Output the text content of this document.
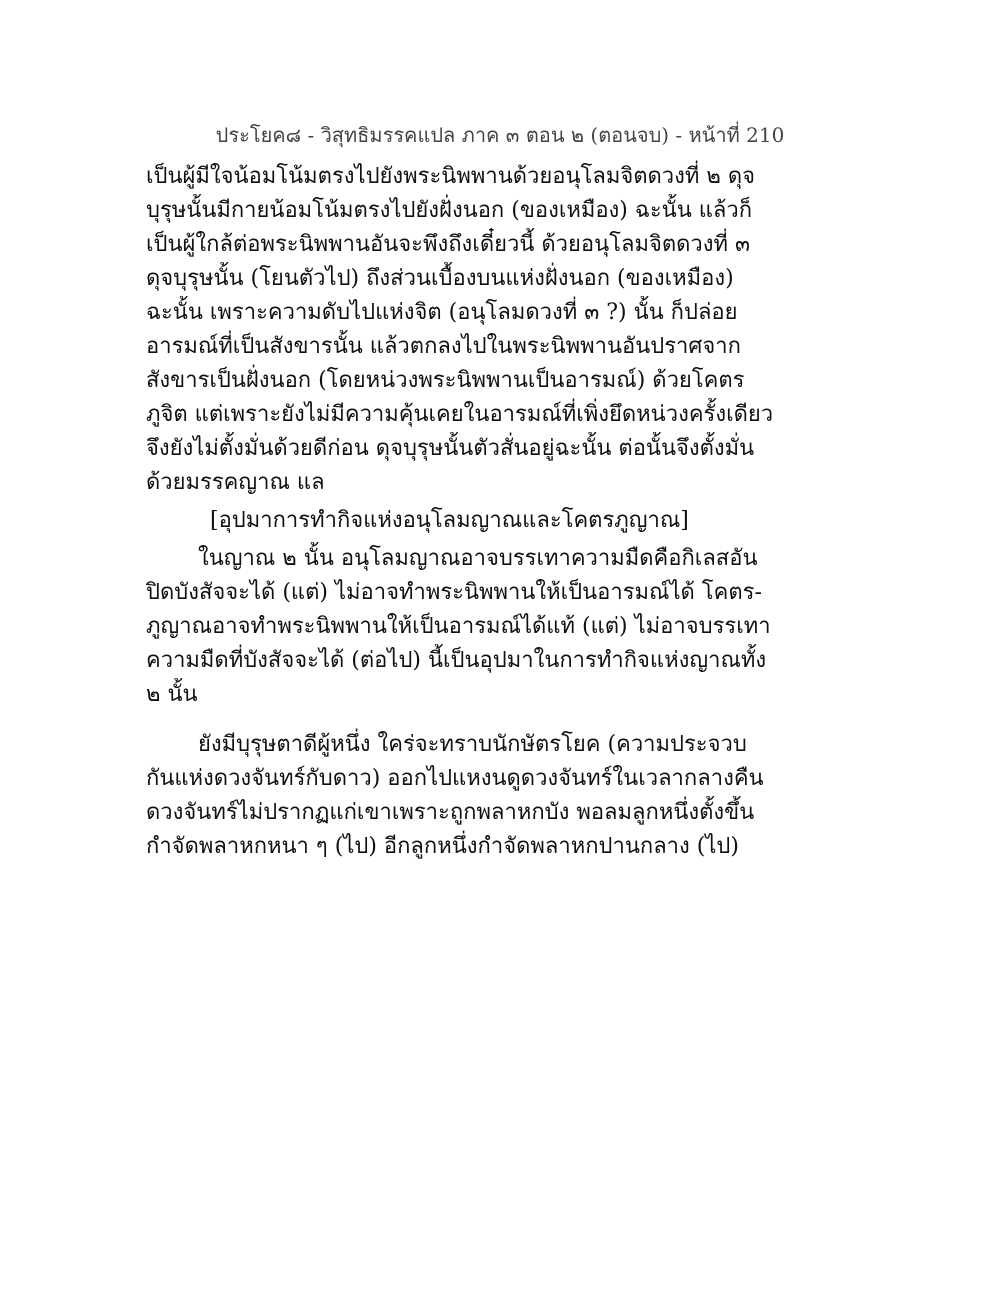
ประโยค๘ - วิสุทธิมรรคแปล ภาค ๓ ตอน ๒ (ตอนจบ) - หน้าที่ 210
เป็นผู้มีใจน้อมโน้มตรงไปยังพระนิพพานด้วยอนุโลมจิตดวงที่ ๒ ดุจ
บุรุษนั้นมีกายน้อมโน้มตรงไปยังฝั่งนอก (ของเหมือง) ฉะนั้น แล้วก็
เป็นผู้ใกล้ต่อพระนิพพานอันจะพึงถึงเดี๋ยวนี้ ด้วยอนุโลมจิตดวงที่ ๓
ดุจบุรุษนั้น (โยนตัวไป) ถึงส่วนเบื้องบนแห่งฝั่งนอก (ของเหมือง)
ฉะนั้น เพราะความดับไปแห่งจิต (อนุโลมดวงที่ ๓ ?) นั้น ก็ปล่อย
อารมณ์ที่เป็นสังขารนั้น แล้วตกลงไปในพระนิพพานอันปราศจาก
สังขารเป็นฝั่งนอก (โดยหน่วงพระนิพพานเป็นอารมณ์) ด้วยโคตร
ภูจิต แต่เพราะยังไม่มีความคุ้นเคยในอารมณ์ที่เพิ่งยึดหน่วงครั้งเดียว
จึงยังไม่ตั้งมั่นด้วยดีก่อน ดุจบุรุษนั้นตัวสั่นอยู่ฉะนั้น ต่อนั้นจึงตั้งมั่น
ด้วยมรรคญาณ แล
[อุปมาการทำกิจแห่งอนุโลมญาณและโคตรภูญาณ]
ในญาณ ๒ นั้น อนุโลมญาณอาจบรรเทาความมืดคือกิเลสอัน
ปิดบังสัจจะได้ (แต่) ไม่อาจทำพระนิพพานให้เป็นอารมณ์ได้ โคตร-
ภูญาณอาจทำพระนิพพานให้เป็นอารมณ์ได้แท้ (แต่) ไม่อาจบรรเทา
ความมืดที่บังสัจจะได้ (ต่อไป) นี้เป็นอุปมาในการทำกิจแห่งญาณทั้ง
๒ นั้น
ยังมีบุรุษตาดีผู้หนึ่ง ใคร่จะทราบนักษัตรโยค (ความประจวบ
กันแห่งดวงจันทร์กับดาว) ออกไปแหงนดูดวงจันทร์ในเวลากลางคืน
ดวงจันทร์ไม่ปรากฏแก่เขาเพราะถูกพลาหกบัง พอลมลูกหนึ่งตั้งขึ้น
กำจัดพลาหกหนา ๆ (ไป) อีกลูกหนึ่งกำจัดพลาหกปานกลาง (ไป)
